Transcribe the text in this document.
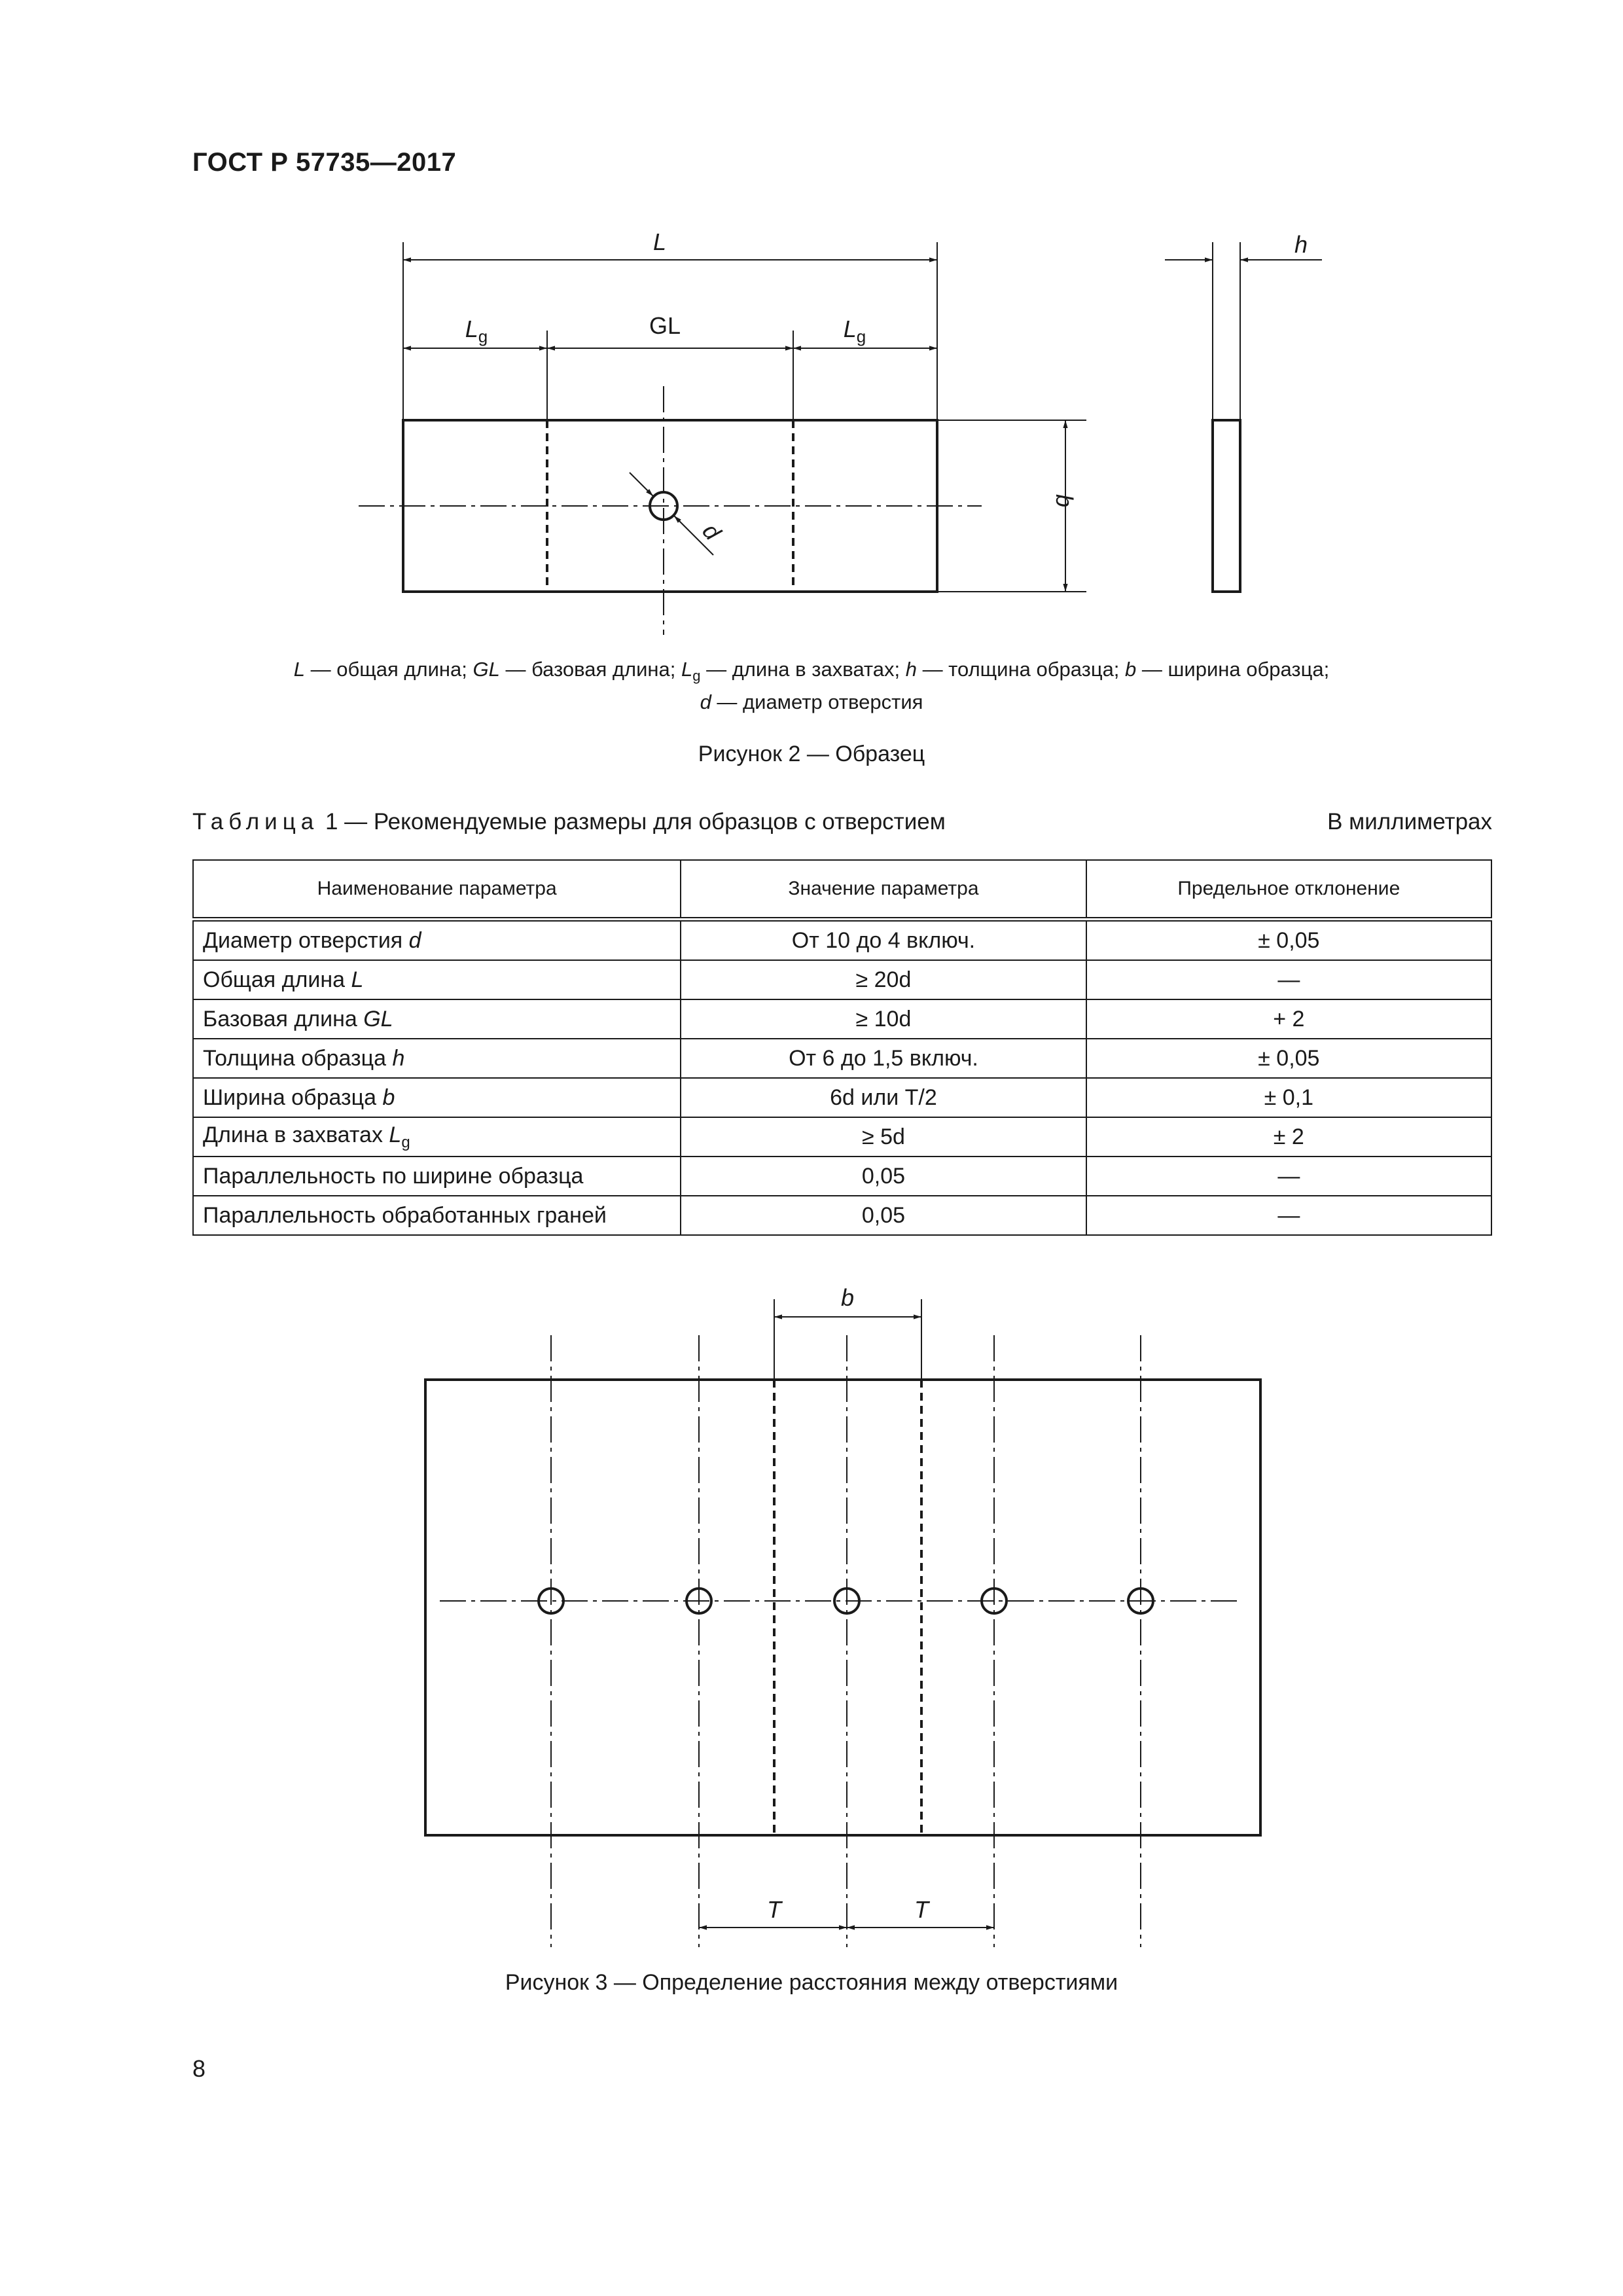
ГОСТ Р 57735—2017
L
$L_g$	GL	$L_g$
h
b
d
L — общая длина; GL — базовая длина; $L_g$ — длина в захватах; h — толщина образца; b — ширина образца;
d — диаметр отверстия
Рисунок 2 — Образец
Таблица 1 — Рекомендуемые размеры для образцов с отверстием	В миллиметрах
Наименование параметра	Значение параметра	Предельное отклонение
Диаметр отверстия d	От 10 до 4 включ.	± 0,05
Общая длина L	≥ 20d	—
Базовая длина GL	≥ 10d	+ 2
Толщина образца h	От 6 до 1,5 включ.	± 0,05
Ширина образца b	6d или T/2	± 0,1
Длина в захватах $L_g$	≥ 5d	± 2
Параллельность по ширине образца	0,05	—
Параллельность обработанных граней	0,05	—
b
T	T
Рисунок 3 — Определение расстояния между отверстиями
8
